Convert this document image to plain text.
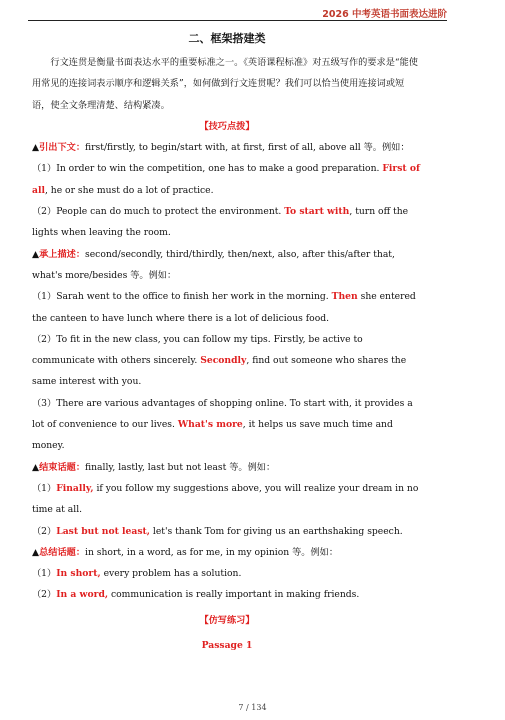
2026 中考英语书面表达进阶
二、框架搭建类

行文连贯是衡量书面表达水平的重要标准之一。《英语课程标准》对五级写作的要求是“能使用常见的连接词表示顺序和逻辑关系”，如何做到行文连贯呢？我们可以恰当使用连接词或短语，使全文条理清楚、结构紧凑。

【技巧点拨】

▲引出下文：first/firstly, to begin/start with, at first, first of all, above all 等。例如：

（1）In order to win the competition, one has to make a good preparation. First of all, he or she must do a lot of practice.

（2）People can do much to protect the environment. To start with, turn off the lights when leaving the room.

▲承上描述：second/secondly, third/thirdly, then/next, also, after this/after that, what's more/besides 等。例如：

（1）Sarah went to the office to finish her work in the morning. Then she entered the canteen to have lunch where there is a lot of delicious food.

（2）To fit in the new class, you can follow my tips. Firstly, be active to communicate with others sincerely. Secondly, find out someone who shares the same interest with you.

（3）There are various advantages of shopping online. To start with, it provides a lot of convenience to our lives. What's more, it helps us save much time and money.

▲结束话题：finally, lastly, last but not least 等。例如：

（1）Finally, if you follow my suggestions above, you will realize your dream in no time at all.

（2）Last but not least, let's thank Tom for giving us an earthshaking speech.

▲总结话题：in short, in a word, as for me, in my opinion 等。例如：

（1）In short, every problem has a solution.

（2）In a word, communication is really important in making friends.

【仿写练习】

Passage 1

7 / 134
